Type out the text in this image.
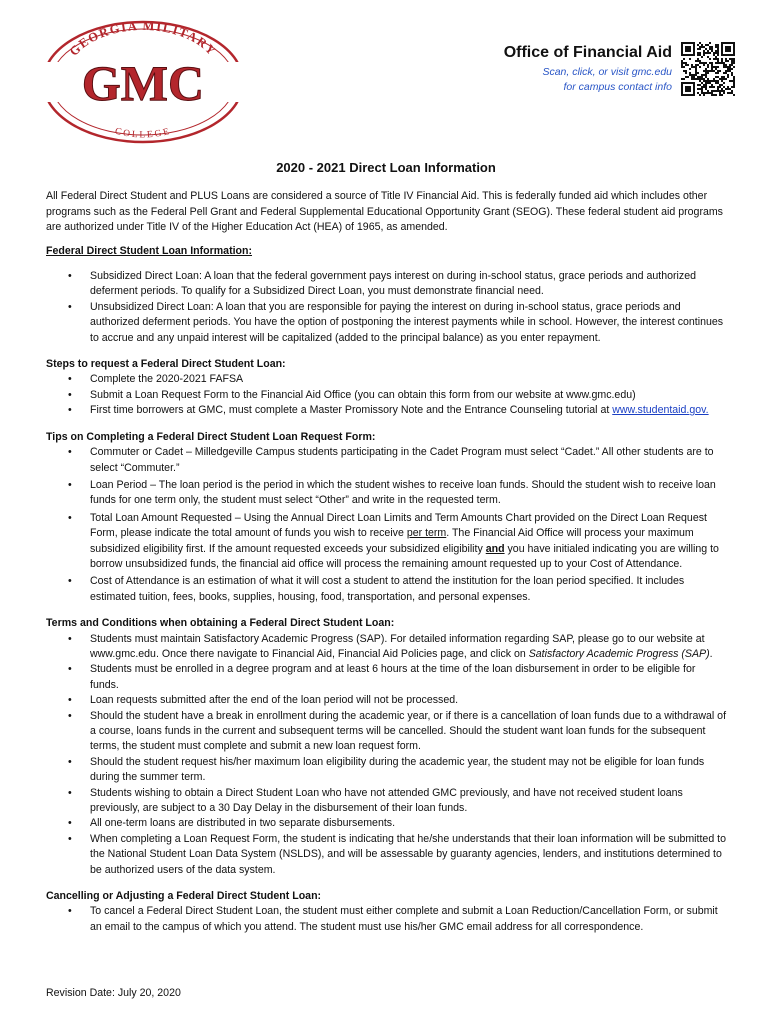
GEORGIA MILITARY
GMC
COLLEGE
Office of Financial Aid
Scan, click, or visit gmc.edu
for campus contact info
2020 - 2021 Direct Loan Information

All Federal Direct Student and PLUS Loans are considered a source of Title IV Financial Aid. This is federally funded aid which includes other programs such as the Federal Pell Grant and Federal Supplemental Educational Opportunity Grant (SEOG). These federal student aid programs are authorized under Title IV of the Higher Education Act (HEA) of 1965, as amended.

Federal Direct Student Loan Information:

• Subsidized Direct Loan: A loan that the federal government pays interest on during in-school status, grace periods and authorized deferment periods. To qualify for a Subsidized Direct Loan, you must demonstrate financial need.
• Unsubsidized Direct Loan: A loan that you are responsible for paying the interest on during in-school status, grace periods and authorized deferment periods. You have the option of postponing the interest payments while in school. However, the interest continues to accrue and any unpaid interest will be capitalized (added to the principal balance) as you enter repayment.

Steps to request a Federal Direct Student Loan:

• Complete the 2020-2021 FAFSA
• Submit a Loan Request Form to the Financial Aid Office (you can obtain this form from our website at www.gmc.edu)
• First time borrowers at GMC, must complete a Master Promissory Note and the Entrance Counseling tutorial at www.studentaid.gov.

Tips on Completing a Federal Direct Student Loan Request Form:

• Commuter or Cadet – Milledgeville Campus students participating in the Cadet Program must select “Cadet.” All other students are to select “Commuter.”
• Loan Period – The loan period is the period in which the student wishes to receive loan funds. Should the student wish to receive loan funds for one term only, the student must select “Other” and write in the requested term.
• Total Loan Amount Requested – Using the Annual Direct Loan Limits and Term Amounts Chart provided on the Direct Loan Request Form, please indicate the total amount of funds you wish to receive per term. The Financial Aid Office will process your maximum subsidized eligibility first. If the amount requested exceeds your subsidized eligibility and you have initialed indicating you are willing to borrow unsubsidized funds, the financial aid office will process the remaining amount requested up to your Cost of Attendance.
• Cost of Attendance is an estimation of what it will cost a student to attend the institution for the loan period specified. It includes estimated tuition, fees, books, supplies, housing, food, transportation, and personal expenses.

Terms and Conditions when obtaining a Federal Direct Student Loan:

• Students must maintain Satisfactory Academic Progress (SAP). For detailed information regarding SAP, please go to our website at www.gmc.edu. Once there navigate to Financial Aid, Financial Aid Policies page, and click on Satisfactory Academic Progress (SAP).
• Students must be enrolled in a degree program and at least 6 hours at the time of the loan disbursement in order to be eligible for funds.
• Loan requests submitted after the end of the loan period will not be processed.
• Should the student have a break in enrollment during the academic year, or if there is a cancellation of loan funds due to a withdrawal of a course, loans funds in the current and subsequent terms will be cancelled. Should the student want loan funds for the subsequent terms, the student must complete and submit a new loan request form.
• Should the student request his/her maximum loan eligibility during the academic year, the student may not be eligible for loan funds during the summer term.
• Students wishing to obtain a Direct Student Loan who have not attended GMC previously, and have not received student loans previously, are subject to a 30 Day Delay in the disbursement of their loan funds.
• All one-term loans are distributed in two separate disbursements.
• When completing a Loan Request Form, the student is indicating that he/she understands that their loan information will be submitted to the National Student Loan Data System (NSLDS), and will be assessable by guaranty agencies, lenders, and institutions determined to be authorized users of the data system.

Cancelling or Adjusting a Federal Direct Student Loan:

• To cancel a Federal Direct Student Loan, the student must either complete and submit a Loan Reduction/Cancellation Form, or submit an email to the campus of which you attend. The student must use his/her GMC email address for all correspondence.
Revision Date: July 20, 2020
